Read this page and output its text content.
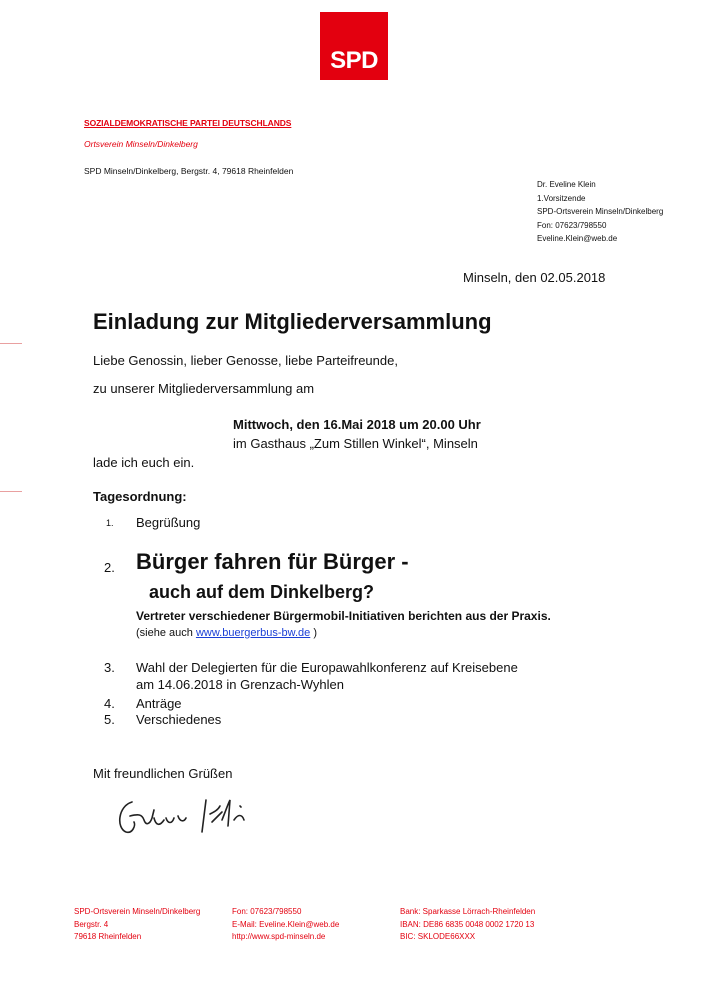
SPD
SOZIALDEMOKRATISCHE PARTEI DEUTSCHLANDS
Ortsverein Minseln/Dinkelberg
SPD Minseln/Dinkelberg, Bergstr. 4, 79618 Rheinfelden
Dr. Eveline Klein
1.Vorsitzende
SPD-Ortsverein Minseln/Dinkelberg
Fon: 07623/798550
Eveline.Klein@web.de
Minseln, den 02.05.2018
Einladung zur Mitgliederversammlung
Liebe Genossin, lieber Genosse, liebe Parteifreunde,
zu unserer Mitgliederversammlung am
Mittwoch, den 16.Mai 2018 um 20.00 Uhr
im Gasthaus „Zum Stillen Winkel“, Minseln
lade ich euch ein.
Tagesordnung:
1. Begrüßung
2. Bürger fahren für Bürger -
auch auf dem Dinkelberg?
Vertreter verschiedener Bürgermobil-Initiativen berichten aus der Praxis.
(siehe auch www.buergerbus-bw.de )
3. Wahl der Delegierten für die Europawahlkonferenz auf Kreisebene
am 14.06.2018 in Grenzach-Wyhlen
4. Anträge
5. Verschiedenes
Mit freundlichen Grüßen
SPD-Ortsverein Minseln/Dinkelberg
Bergstr. 4
79618 Rheinfelden
Fon: 07623/798550
E-Mail: Eveline.Klein@web.de
http://www.spd-minseln.de
Bank: Sparkasse Lörrach-Rheinfelden
IBAN: DE86 6835 0048 0002 1720 13
BIC: SKLODE66XXX
